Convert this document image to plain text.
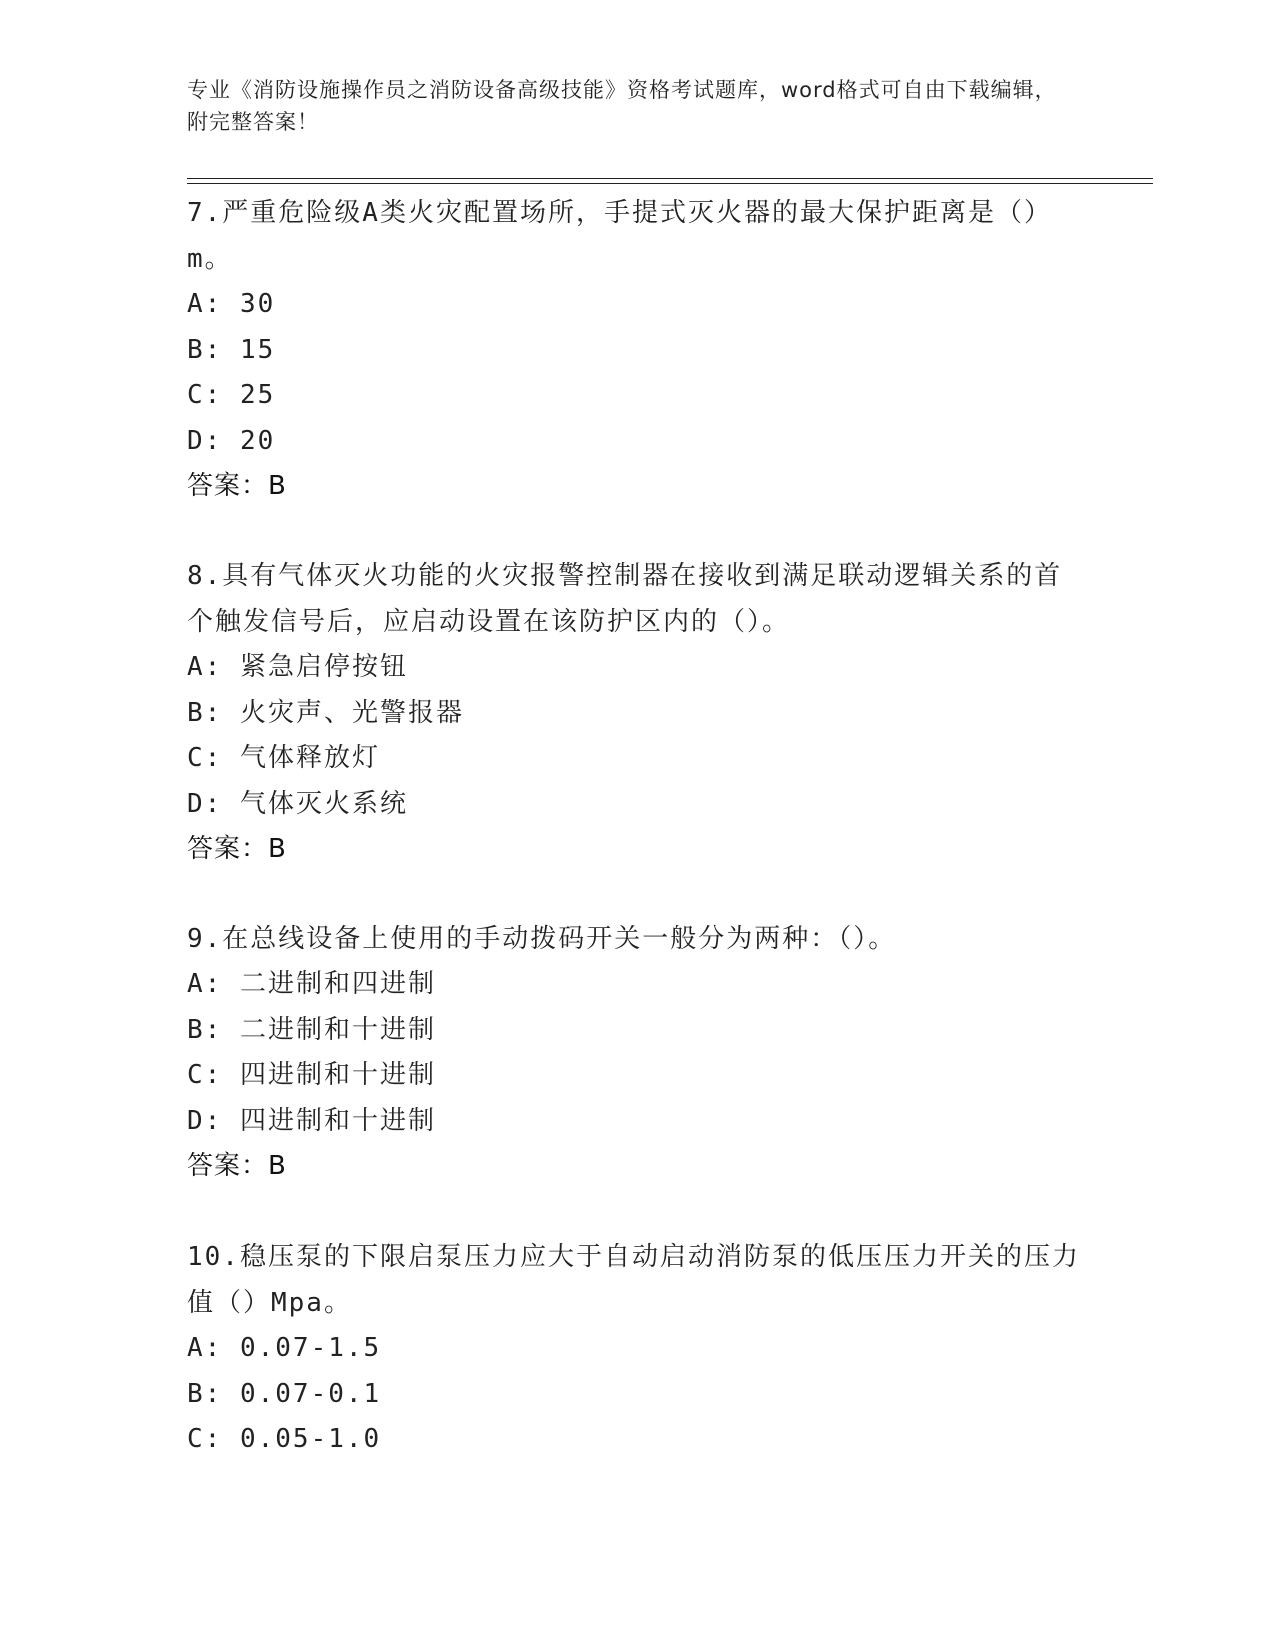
专业《消防设施操作员之消防设备高级技能》资格考试题库，word格式可自由下载编辑，附完整答案！

7.严重危险级A类火灾配置场所，手提式灭火器的最大保护距离是（）m。

A: 30

B: 15

C: 25

D: 20

答案：B

8.具有气体灭火功能的火灾报警控制器在接收到满足联动逻辑关系的首个触发信号后，应启动设置在该防护区内的（）。

A: 紧急启停按钮

B: 火灾声、光警报器

C: 气体释放灯

D: 气体灭火系统

答案：B

9.在总线设备上使用的手动拨码开关一般分为两种：（）。

A: 二进制和四进制

B: 二进制和十进制

C: 四进制和十进制

D: 四进制和十进制

答案：B

10.稳压泵的下限启泵压力应大于自动启动消防泵的低压压力开关的压力值（）Mpa。

A: 0.07-1.5

B: 0.07-0.1

C: 0.05-1.0
